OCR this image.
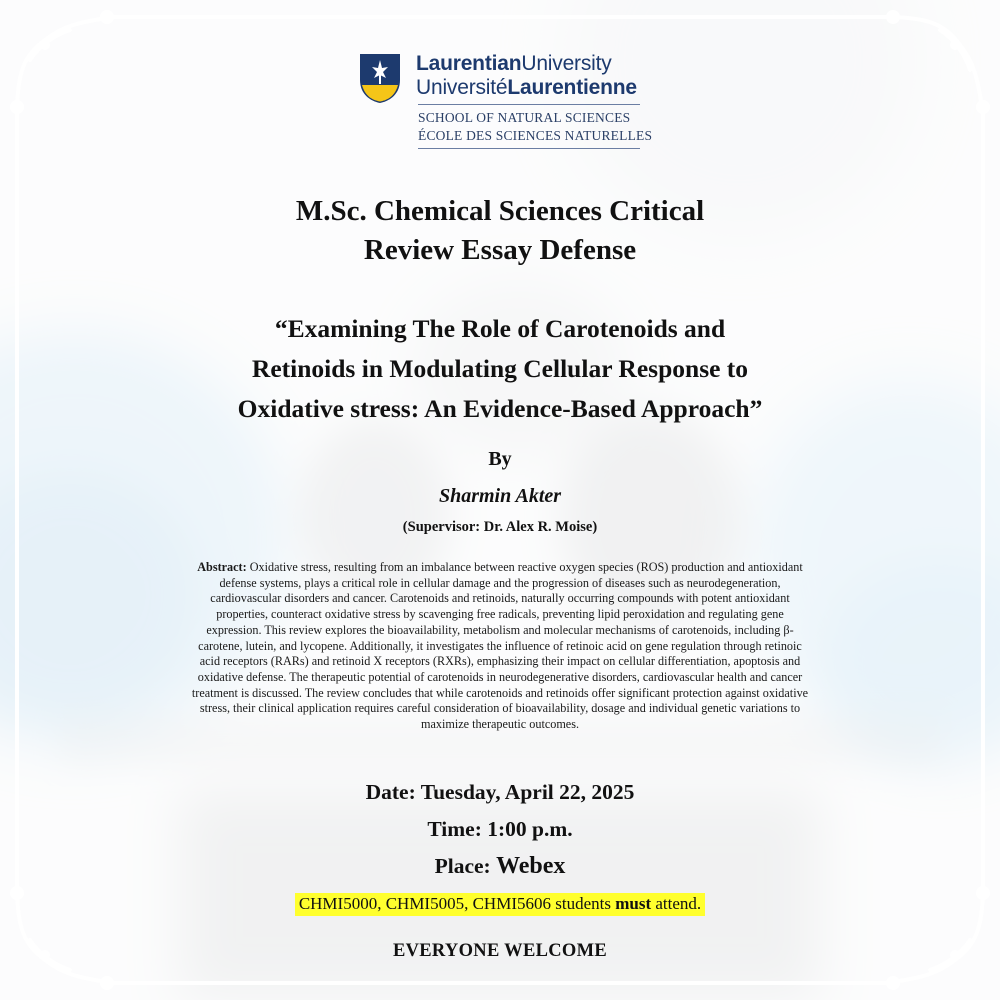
LaurentianUniversity
UniversitéLaurentienne
SCHOOL OF NATURAL SCIENCES
ÉCOLE DES SCIENCES NATURELLES
M.Sc. Chemical Sciences Critical
Review Essay Defense
“Examining The Role of Carotenoids and
Retinoids in Modulating Cellular Response to
Oxidative stress: An Evidence-Based Approach”
By
Sharmin Akter
(Supervisor: Dr. Alex R. Moise)
Abstract: Oxidative stress, resulting from an imbalance between reactive oxygen species (ROS) production and antioxidant defense systems, plays a critical role in cellular damage and the progression of diseases such as neurodegeneration, cardiovascular disorders and cancer. Carotenoids and retinoids, naturally occurring compounds with potent antioxidant properties, counteract oxidative stress by scavenging free radicals, preventing lipid peroxidation and regulating gene expression. This review explores the bioavailability, metabolism and molecular mechanisms of carotenoids, including β-carotene, lutein, and lycopene. Additionally, it investigates the influence of retinoic acid on gene regulation through retinoic acid receptors (RARs) and retinoid X receptors (RXRs), emphasizing their impact on cellular differentiation, apoptosis and oxidative defense. The therapeutic potential of carotenoids in neurodegenerative disorders, cardiovascular health and cancer treatment is discussed. The review concludes that while carotenoids and retinoids offer significant protection against oxidative stress, their clinical application requires careful consideration of bioavailability, dosage and individual genetic variations to maximize therapeutic outcomes.
Date: Tuesday, April 22, 2025
Time: 1:00 p.m.
Place: Webex
CHMI5000, CHMI5005, CHMI5606 students must attend.
EVERYONE WELCOME
